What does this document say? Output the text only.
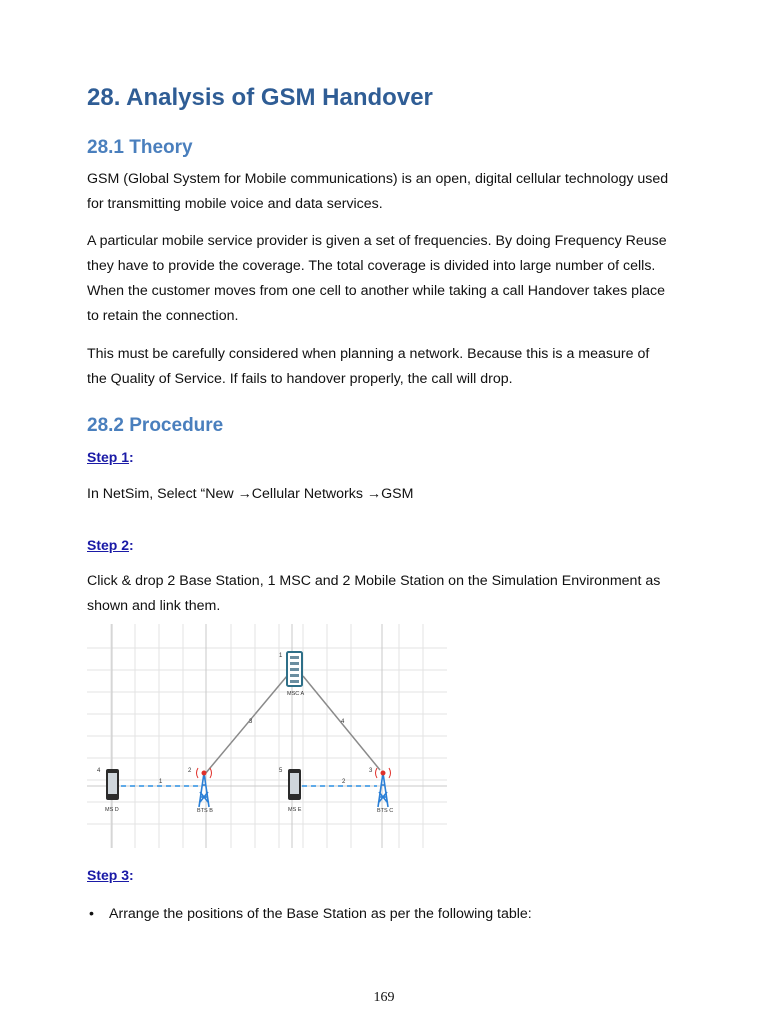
28. Analysis of GSM Handover
28.1 Theory
GSM (Global System for Mobile communications) is an open, digital cellular technology used
for transmitting mobile voice and data services.
A particular mobile service provider is given a set of frequencies. By doing Frequency Reuse
they have to provide the coverage. The total coverage is divided into large number of cells.
When the customer moves from one cell to another while taking a call Handover takes place
to retain the connection.
This must be carefully considered when planning a network. Because this is a measure of
the Quality of Service. If fails to handover properly, the call will drop.
28.2 Procedure

Step 1:

In NetSim, Select “New →Cellular Networks →GSM

Step 2:

Click & drop 2 Base Station, 1 MSC and 2 Mobile Station on the Simulation Environment as
shown and link them.
1	2
3	4
1
MSC A
4
MS D
2
BTS B
5
MS E
3
BTS C

Step 3:

• Arrange the positions of the Base Station as per the following table:
169
